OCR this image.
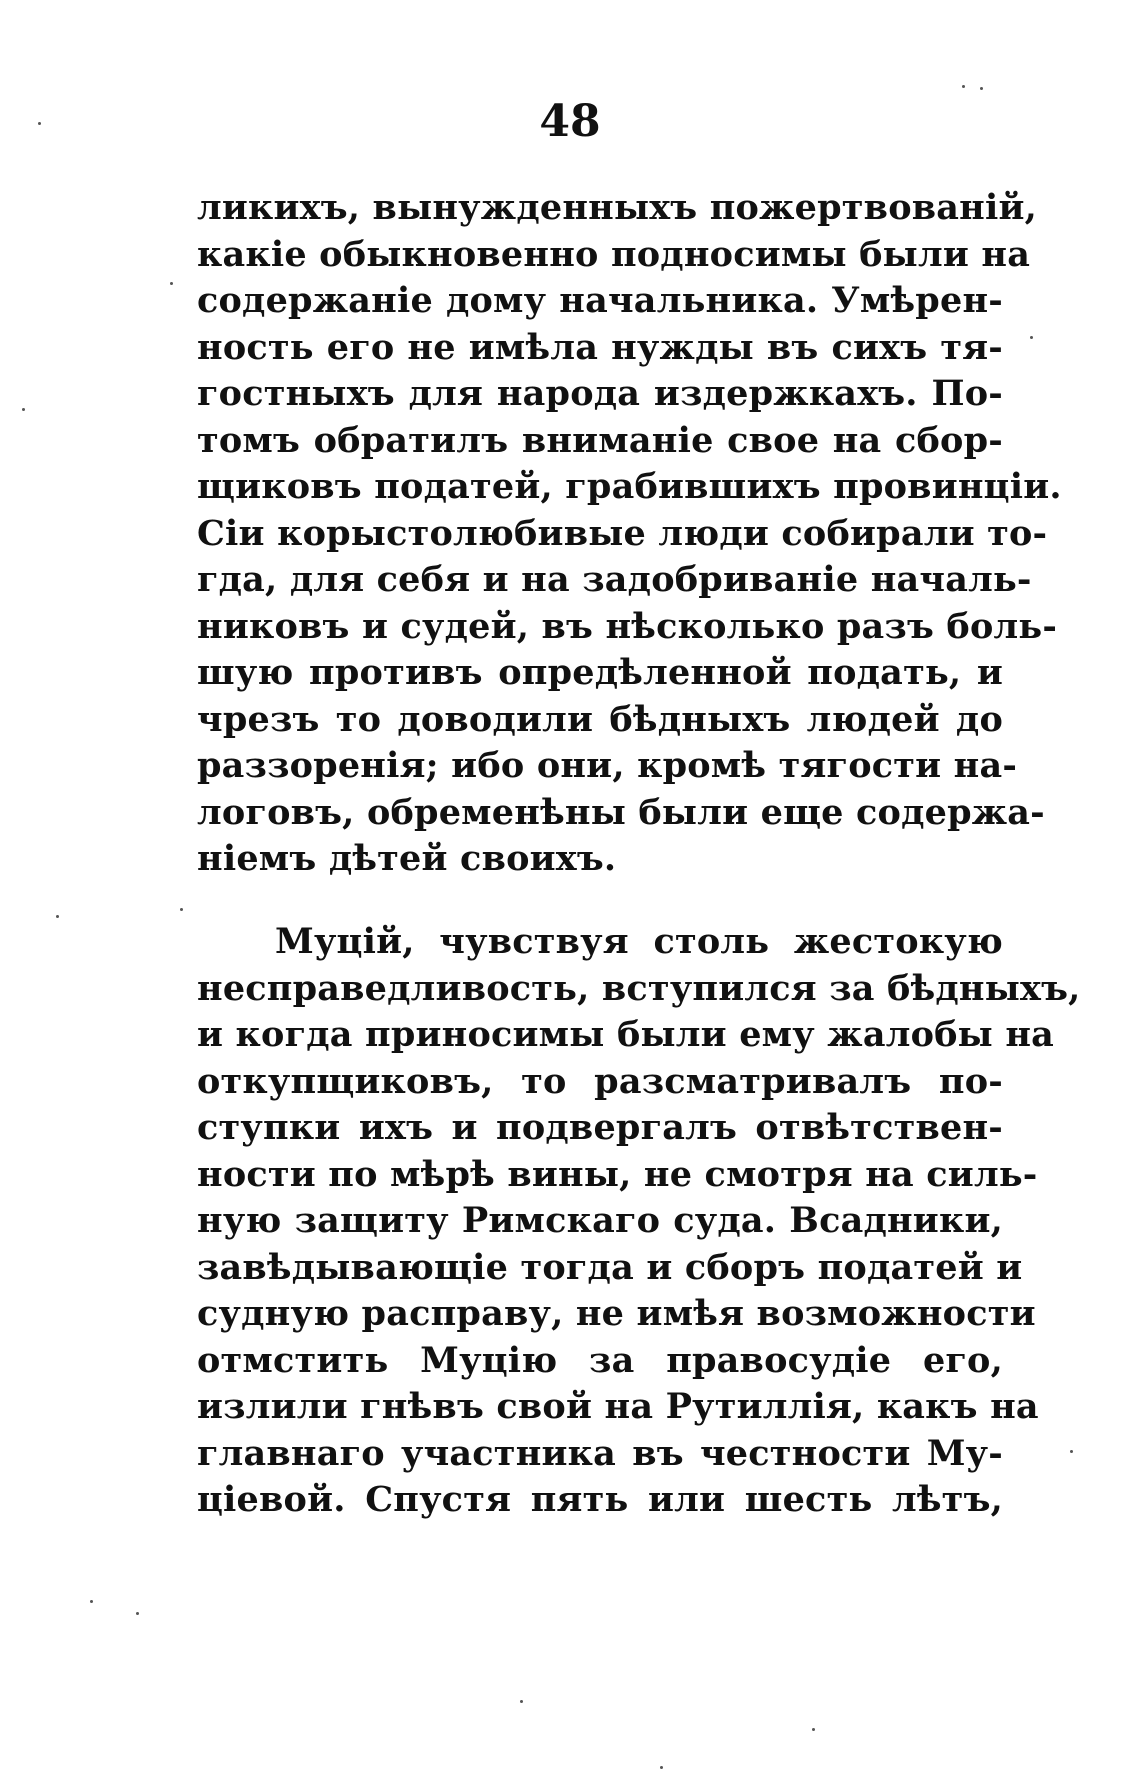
48
ликихъ, вынужденныхъ пожертвованій,
какіе обыкновенно подносимы были на
содержаніе дому начальника. Умѣрен-
ность его не имѣла нужды въ сихъ тя-
гостныхъ для народа издержкахъ. По-
томъ обратилъ вниманіе свое на сбор-
щиковъ податей, грабившихъ провинціи.
Сіи корыстолюбивые люди собирали то-
гда, для себя и на задобриваніе началь-
никовъ и судей, въ нѣсколько разъ боль-
шую противъ опредѣленной подать, и
чрезъ то доводили бѣдныхъ людей до
раззоренія; ибо они, кромѣ тягости на-
логовъ, обременѣны были еще содержа-
ніемъ дѣтей своихъ.
Муцій, чувствуя столь жестокую
несправедливость, вступился за бѣдныхъ,
и когда приносимы были ему жалобы на
откупщиковъ, то разсматривалъ по-
ступки ихъ и подвергалъ отвѣтствен-
ности по мѣрѣ вины, не смотря на силь-
ную защиту Римскаго суда. Всадники,
завѣдывающіе тогда и сборъ податей и
судную расправу, не имѣя возможности
отмстить Муцію за правосудіе его,
излили гнѣвъ свой на Рутиллія, какъ на
главнаго участника въ честности Му-
ціевой. Спустя пять или шесть лѣтъ,
